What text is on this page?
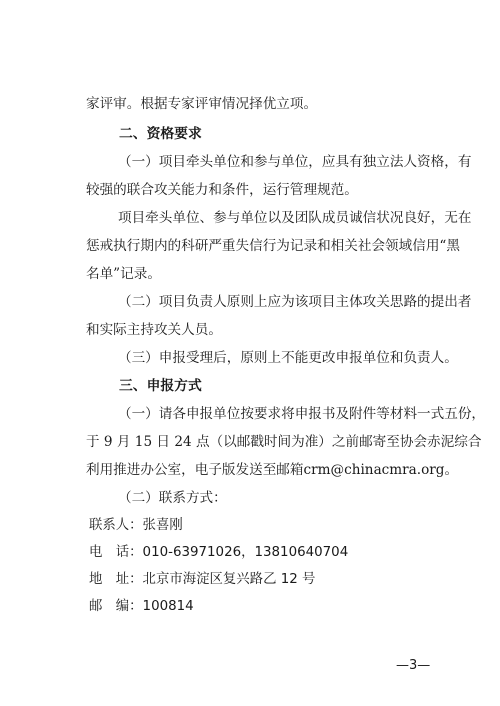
家评审。根据专家评审情况择优立项。
二、资格要求
（一）项目牵头单位和参与单位，应具有独立法人资格，有
较强的联合攻关能力和条件，运行管理规范。
项目牵头单位、参与单位以及团队成员诚信状况良好，无在
惩戒执行期内的科研严重失信行为记录和相关社会领域信用“黑
名单”记录。
（二）项目负责人原则上应为该项目主体攻关思路的提出者
和实际主持攻关人员。
（三）申报受理后，原则上不能更改申报单位和负责人。
三、申报方式
（一）请各申报单位按要求将申报书及附件等材料一式五份，
于 9 月 15 日 24 点（以邮戳时间为准）之前邮寄至协会赤泥综合
利用推进办公室，电子版发送至邮箱crm@chinacmra.org。
（二）联系方式：
联系人：张喜刚
电　话：010-63971026，13810640704
地　址：北京市海淀区复兴路乙 12 号
邮　编：100814
—3—
